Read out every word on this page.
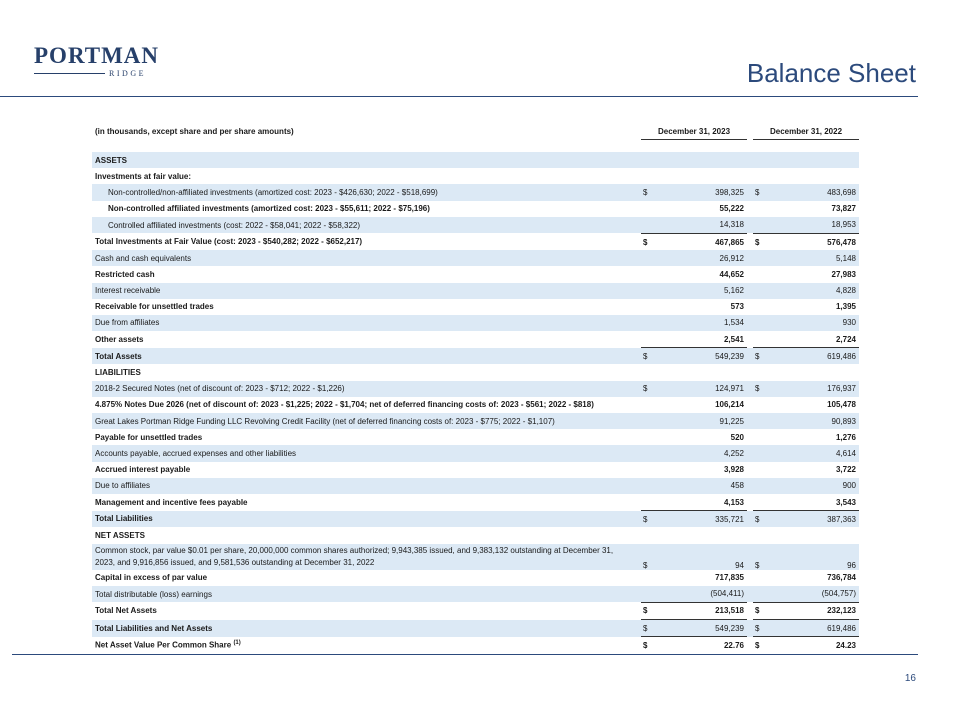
PORTMAN
RIDGE	Balance Sheet
(in thousands, except share and per share amounts)		December 31, 2023			December 31, 2022	

ASSETS						
Investments at fair value:						
Non-controlled/non-affiliated investments (amortized cost: 2023 - $426,630; 2022 - $518,699)		$	398,325		$	483,698
Non-controlled affiliated investments (amortized cost: 2023 - $55,611; 2022 - $75,196)			55,222			73,827
Controlled affiliated investments (cost: 2022 - $58,041; 2022 - $58,322)			14,318			18,953
Total Investments at Fair Value (cost: 2023 - $540,282; 2022 - $652,217)		$	467,865		$	576,478
Cash and cash equivalents			26,912			5,148
Restricted cash			44,652			27,983
Interest receivable			5,162			4,828
Receivable for unsettled trades			573			1,395
Due from affiliates			1,534			930
Other assets			2,541			2,724
Total Assets		$	549,239		$	619,486
LIABILITIES						
2018-2 Secured Notes (net of discount of: 2023 - $712; 2022 - $1,226)		$	124,971		$	176,937
4.875% Notes Due 2026 (net of discount of: 2023 - $1,225; 2022 - $1,704; net of deferred financing costs of: 2023 - $561; 2022 - $818)			106,214			105,478
Great Lakes Portman Ridge Funding LLC Revolving Credit Facility (net of deferred financing costs of: 2023 - $775; 2022 - $1,107)			91,225			90,893
Payable for unsettled trades			520			1,276
Accounts payable, accrued expenses and other liabilities			4,252			4,614
Accrued interest payable			3,928			3,722
Due to affiliates			458			900
Management and incentive fees payable			4,153			3,543
Total Liabilities		$	335,721		$	387,363
NET ASSETS						
Common stock, par value $0.01 per share, 20,000,000 common shares authorized; 9,943,385 issued, and 9,383,132 outstanding at December 31, 2023, and 9,916,856 issued, and 9,581,536 outstanding at December 31, 2022		$	94		$	96
Capital in excess of par value			717,835			736,784
Total distributable (loss) earnings			(504,411)			(504,757)
Total Net Assets		$	213,518		$	232,123
Total Liabilities and Net Assets		$	549,239		$	619,486
Net Asset Value Per Common Share $^{(1)}$		$	22.76		$	24.23
16
